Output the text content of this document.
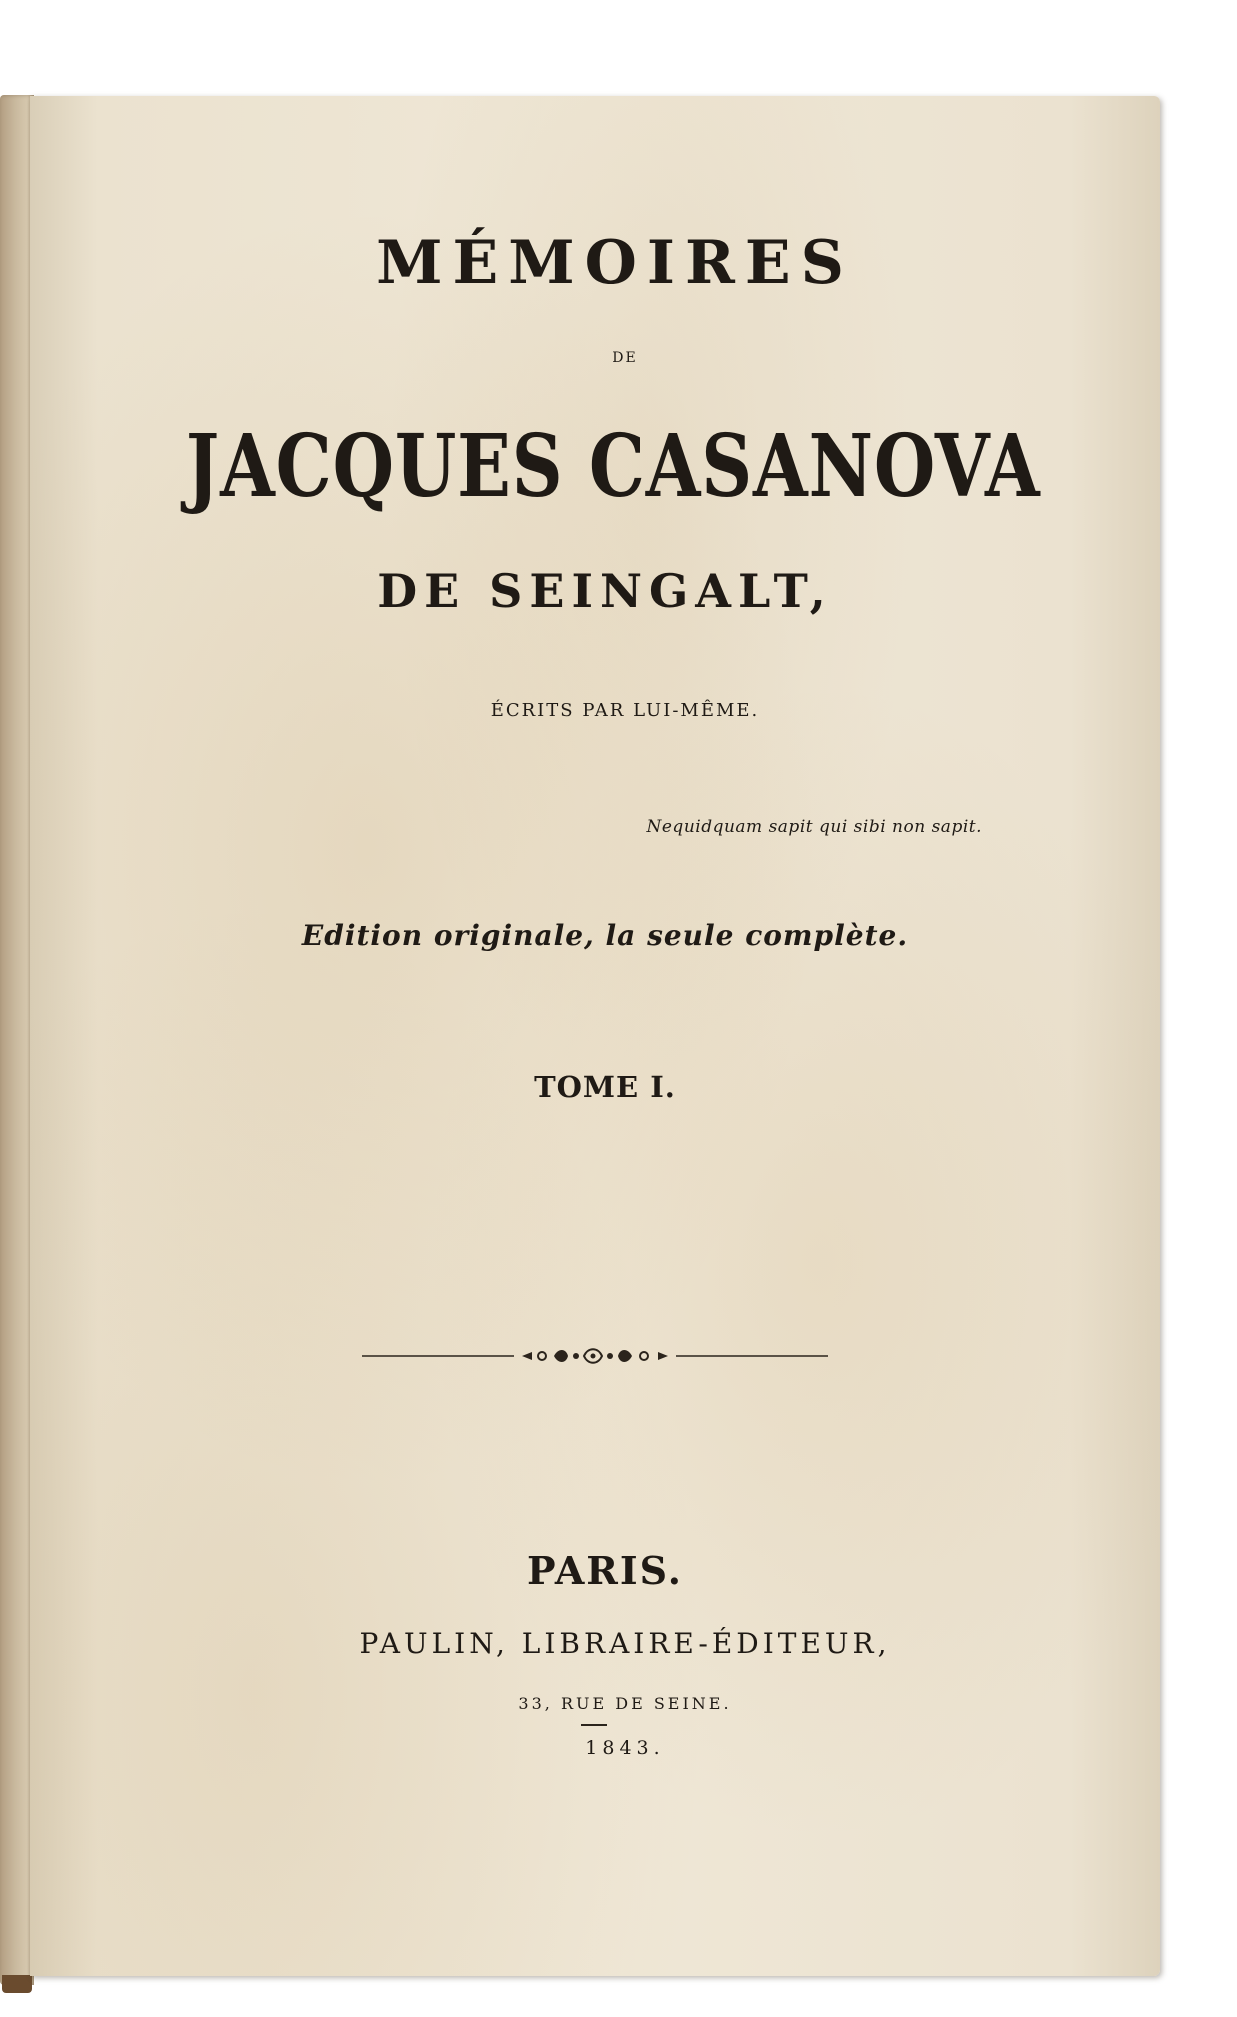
MÉMOIRES
DE
JACQUES CASANOVA
DE SEINGALT,
ÉCRITS PAR LUI-MÊME.
Nequidquam sapit qui sibi non sapit.
Edition originale, la seule complète.
TOME I.
PARIS.
PAULIN, LIBRAIRE-ÉDITEUR,
33, RUE DE SEINE.
1843.
